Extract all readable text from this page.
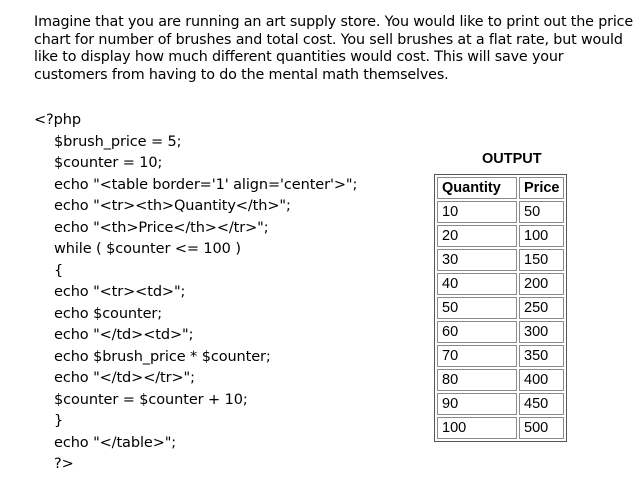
Imagine that you are running an art supply store. You would like to print out the price chart for number of brushes and total cost. You sell brushes at a flat rate, but would like to display how much different quantities would cost. This will save your customers from having to do the mental math themselves.

<?php
$brush_price = 5;
$counter = 10;
echo "<table border='1' align='center'>";
echo "<tr><th>Quantity</th>";
echo "<th>Price</th></tr>";
while ( $counter <= 100 )
{
echo "<tr><td>";
echo $counter;
echo "</td><td>";
echo $brush_price * $counter;
echo "</td></tr>";
$counter = $counter + 10;
}
echo "</table>";
?>
OUTPUT
Quantity	Price
10	50
20	100
30	150
40	200
50	250
60	300
70	350
80	400
90	450
100	500
